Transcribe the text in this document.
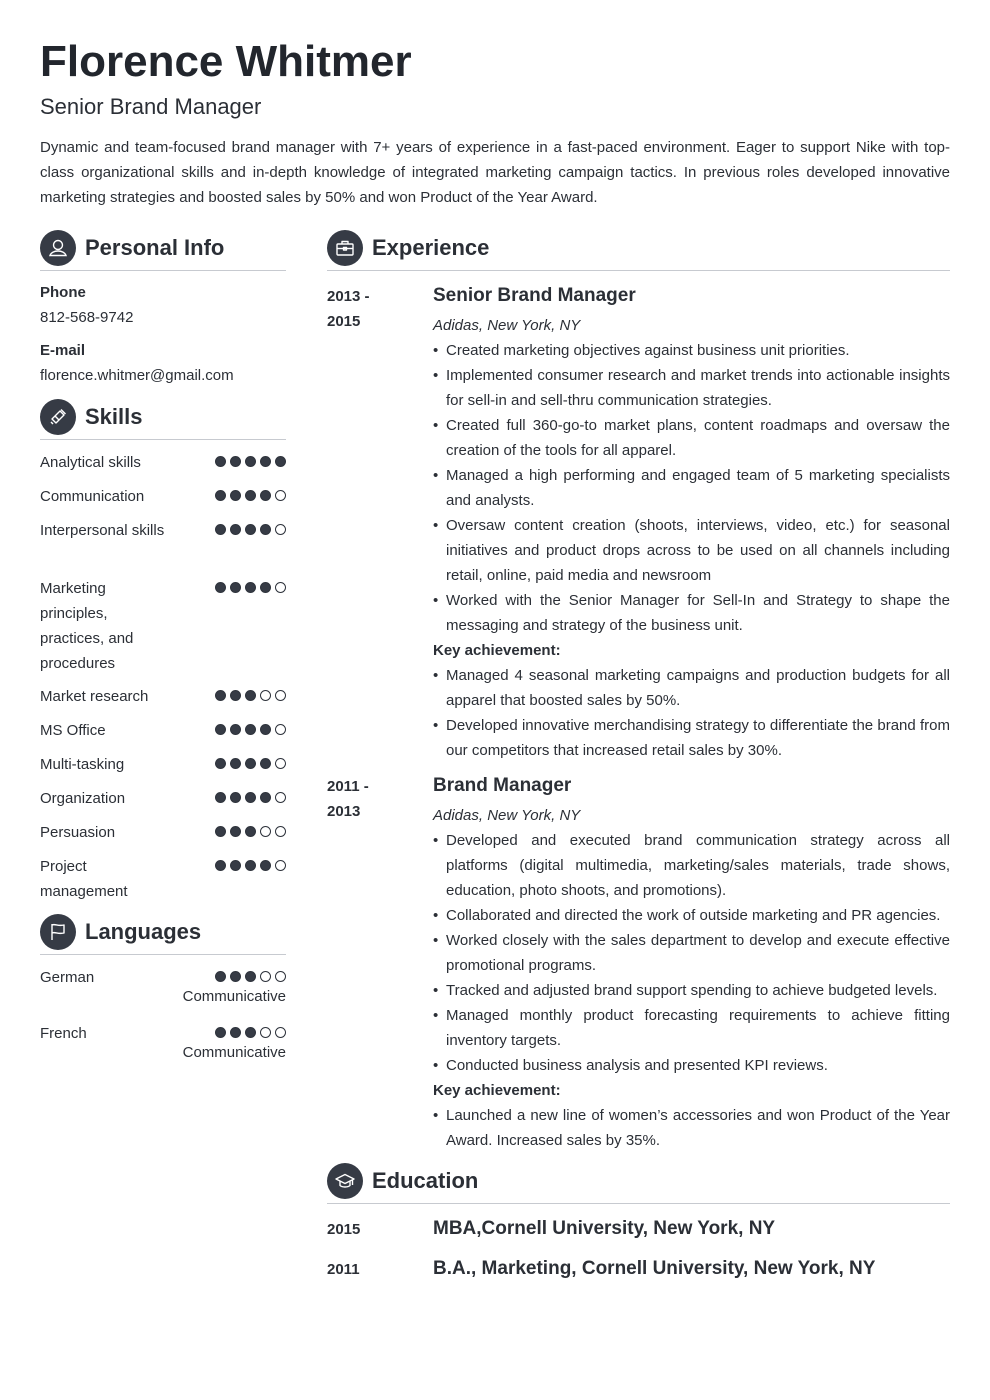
Florence Whitmer
Senior Brand Manager
Dynamic and team-focused brand manager with 7+ years of experience in a fast-paced environment. Eager to support Nike with top-class organizational skills and in-depth knowledge of integrated marketing campaign tactics. In previous roles developed innovative marketing strategies and boosted sales by 50% and won Product of the Year Award.
Personal Info
Phone
812-568-9742
E-mail
florence.whitmer@gmail.com
Skills
Analytical skills
Communication
Interpersonal skills
Marketing principles, practices, and procedures
Market research
MS Office
Multi-tasking
Organization
Persuasion
Project management
Languages
German
Communicative
French
Communicative
Experience
2013 - 2015
Senior Brand Manager
Adidas, New York, NY
• Created marketing objectives against business unit priorities.
• Implemented consumer research and market trends into actionable insights for sell-in and sell-thru communication strategies.
• Created full 360-go-to market plans, content roadmaps and oversaw the creation of the tools for all apparel.
• Managed a high performing and engaged team of 5 marketing specialists and analysts.
• Oversaw content creation (shoots, interviews, video, etc.) for seasonal initiatives and product drops across to be used on all channels including retail, online, paid media and newsroom
• Worked with the Senior Manager for Sell-In and Strategy to shape the messaging and strategy of the business unit.
Key achievement:
• Managed 4 seasonal marketing campaigns and production budgets for all apparel that boosted sales by 50%.
• Developed innovative merchandising strategy to differentiate the brand from our competitors that increased retail sales by 30%.
2011 - 2013
Brand Manager
Adidas, New York, NY
• Developed and executed brand communication strategy across all platforms (digital multimedia, marketing/sales materials, trade shows, education, photo shoots, and promotions).
• Collaborated and directed the work of outside marketing and PR agencies.
• Worked closely with the sales department to develop and execute effective promotional programs.
• Tracked and adjusted brand support spending to achieve budgeted levels.
• Managed monthly product forecasting requirements to achieve fitting inventory targets.
• Conducted business analysis and presented KPI reviews.
Key achievement:
• Launched a new line of women’s accessories and won Product of the Year Award. Increased sales by 35%.
Education
2015	MBA,Cornell University, New York, NY
2011	B.A., Marketing, Cornell University, New York, NY
